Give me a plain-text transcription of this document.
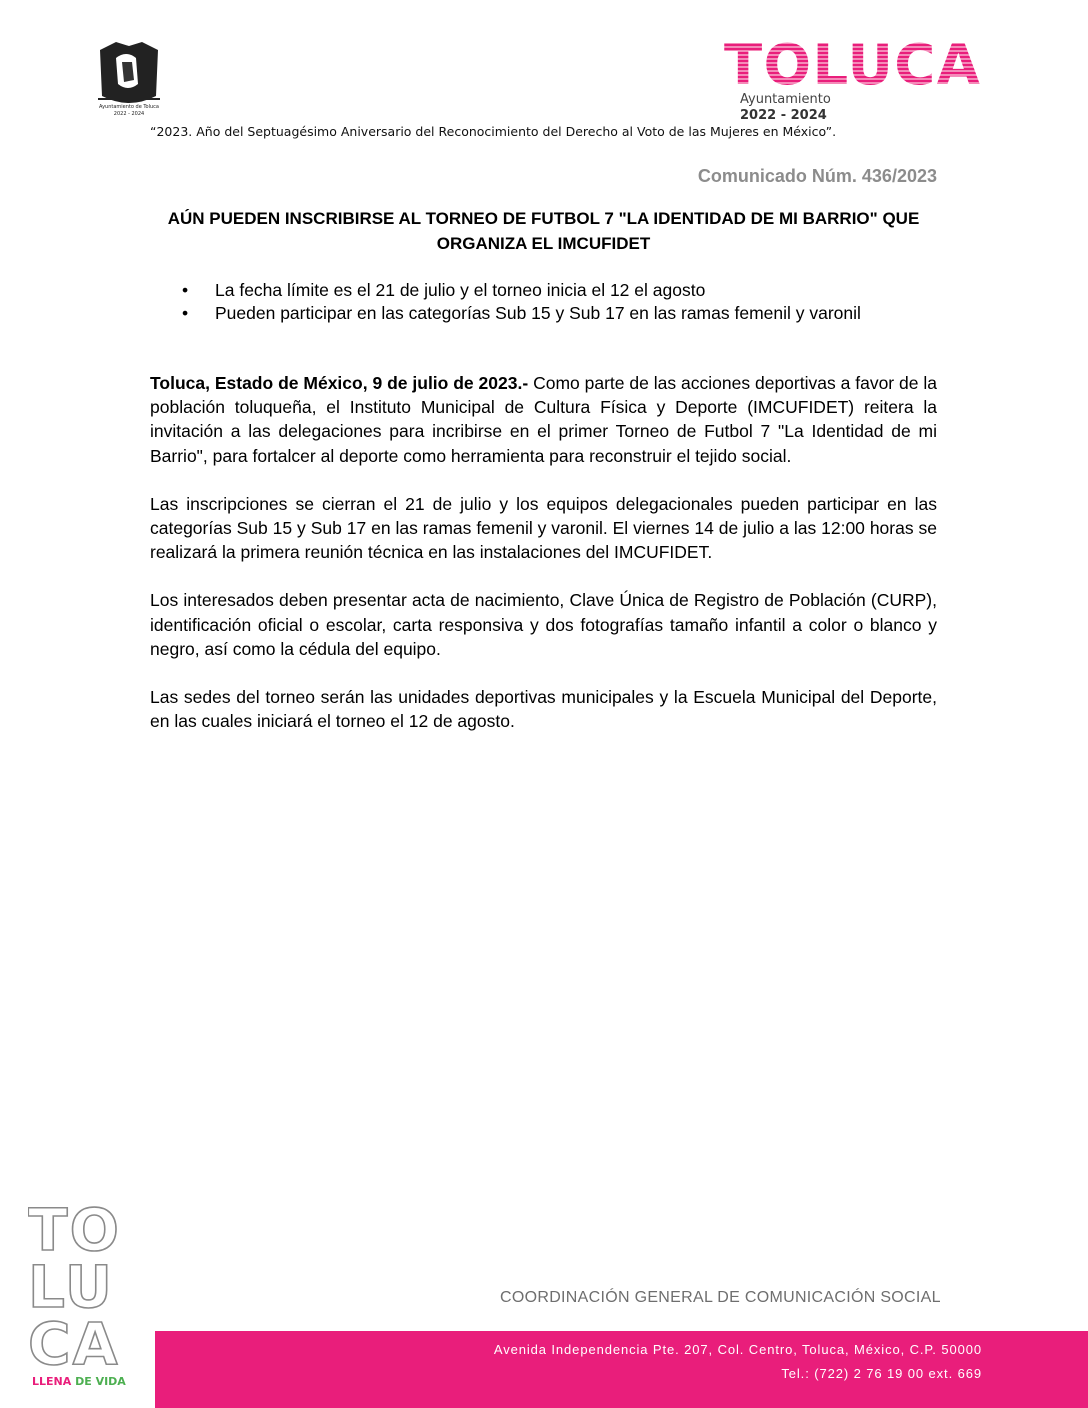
Ayuntamiento de Toluca
2022 - 2024
TOLUCA
Ayuntamiento
2022 - 2024
“2023. Año del Septuagésimo Aniversario del Reconocimiento del Derecho al Voto de las Mujeres en México”.
Comunicado Núm. 436/2023
AÚN PUEDEN INSCRIBIRSE AL TORNEO DE FUTBOL 7 "LA IDENTIDAD DE MI BARRIO" QUE ORGANIZA EL IMCUFIDET
• La fecha límite es el 21 de julio y el torneo inicia el 12 el agosto
• Pueden participar en las categorías Sub 15 y Sub 17 en las ramas femenil y varonil

Toluca, Estado de México, 9 de julio de 2023.- Como parte de las acciones deportivas a favor de la población toluqueña, el Instituto Municipal de Cultura Física y Deporte (IMCUFIDET) reitera la invitación a las delegaciones para incribirse en el primer Torneo de Futbol 7 "La Identidad de mi Barrio", para fortalcer al deporte como herramienta para reconstruir el tejido social.

Las inscripciones se cierran el 21 de julio y los equipos delegacionales pueden participar en las categorías Sub 15 y Sub 17 en las ramas femenil y varonil. El viernes 14 de julio a las 12:00 horas se realizará la primera reunión técnica en las instalaciones del IMCUFIDET.

Los interesados deben presentar acta de nacimiento, Clave Única de Registro de Población (CURP), identificación oficial o escolar, carta responsiva y dos fotografías tamaño infantil a color o blanco y negro, así como la cédula del equipo.

Las sedes del torneo serán las unidades deportivas municipales y la Escuela Municipal del Deporte, en las cuales iniciará el torneo el 12 de agosto.

TO
LU
CA
LLENA DE VIDA
COORDINACIÓN GENERAL DE COMUNICACIÓN SOCIAL
Avenida Independencia Pte. 207, Col. Centro, Toluca, México, C.P. 50000
Tel.: (722) 2 76 19 00 ext. 669
